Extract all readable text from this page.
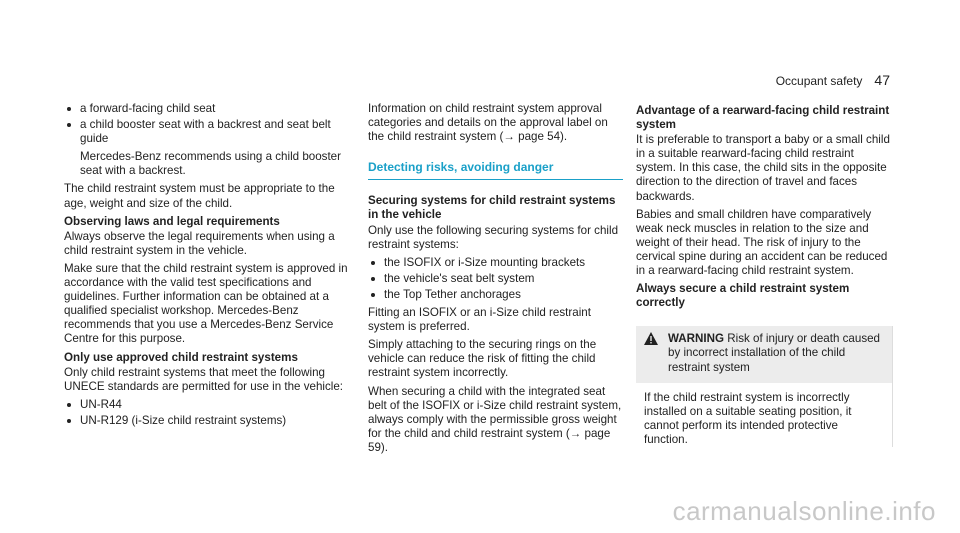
Occupant safety 47
a forward-facing child seat
a child booster seat with a backrest and seat belt guide

Mercedes-Benz recommends using a child booster seat with a backrest.

The child restraint system must be appropriate to the age, weight and size of the child.

Observing laws and legal requirements

Always observe the legal requirements when using a child restraint system in the vehicle.

Make sure that the child restraint system is approved in accordance with the valid test specifications and guidelines. Further information can be obtained at a qualified specialist workshop. Mercedes-Benz recommends that you use a Mercedes-Benz Service Centre for this purpose.

Only use approved child restraint systems

Only child restraint systems that meet the following UNECE standards are permitted for use in the vehicle:

UN-R44
UN-R129 (i-Size child restraint systems)

Information on child restraint system approval categories and details on the approval label on the child restraint system (→ page 54).

Detecting risks, avoiding danger

Securing systems for child restraint systems in the vehicle

Only use the following securing systems for child restraint systems:

the ISOFIX or i-Size mounting brackets
the vehicle's seat belt system
the Top Tether anchorages

Fitting an ISOFIX or an i-Size child restraint system is preferred.

Simply attaching to the securing rings on the vehicle can reduce the risk of fitting the child restraint system incorrectly.

When securing a child with the integrated seat belt of the ISOFIX or i-Size child restraint system, always comply with the permissible gross weight for the child and child restraint system (→ page 59).

Advantage of a rearward-facing child restraint system

It is preferable to transport a baby or a small child in a suitable rearward-facing child restraint system. In this case, the child sits in the opposite direction to the direction of travel and faces backwards.

Babies and small children have comparatively weak neck muscles in relation to the size and weight of their head. The risk of injury to the cervical spine during an accident can be reduced in a rearward-facing child restraint system.

Always secure a child restraint system correctly

WARNING Risk of injury or death caused by incorrect installation of the child restraint system

If the child restraint system is incorrectly installed on a suitable seating position, it cannot perform its intended protective function.

carmanualsonline.info
